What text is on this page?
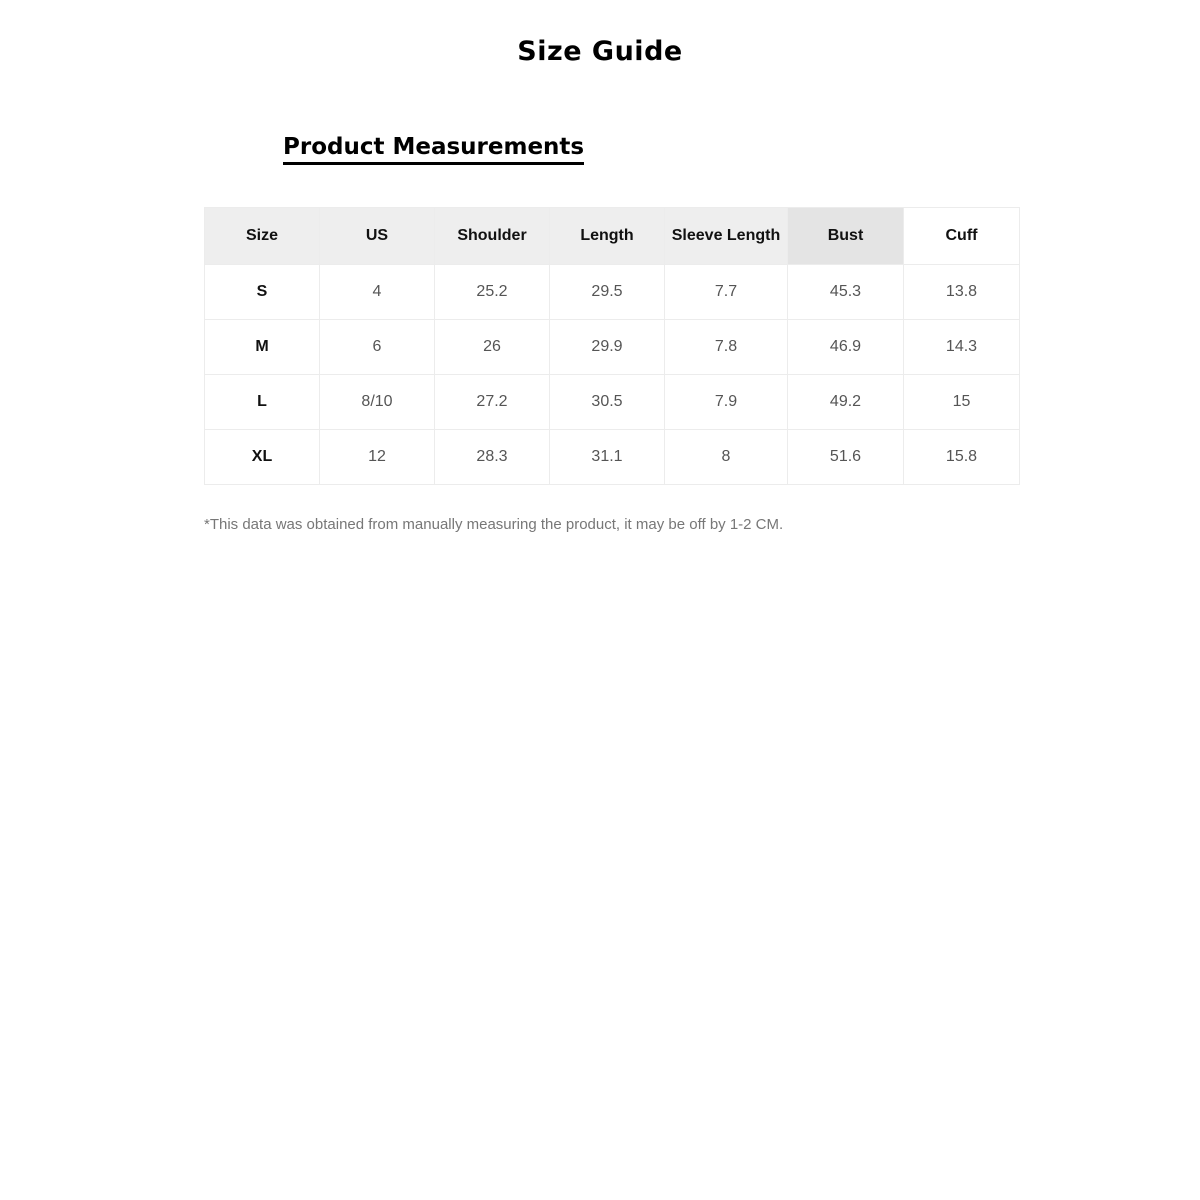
Size Guide
Product Measurements
Size	US	Shoulder	Length	Sleeve Length	Bust	Cuff
S	4	25.2	29.5	7.7	45.3	13.8
M	6	26	29.9	7.8	46.9	14.3
L	8/10	27.2	30.5	7.9	49.2	15
XL	12	28.3	31.1	8	51.6	15.8
*This data was obtained from manually measuring the product, it may be off by 1-2 CM.
